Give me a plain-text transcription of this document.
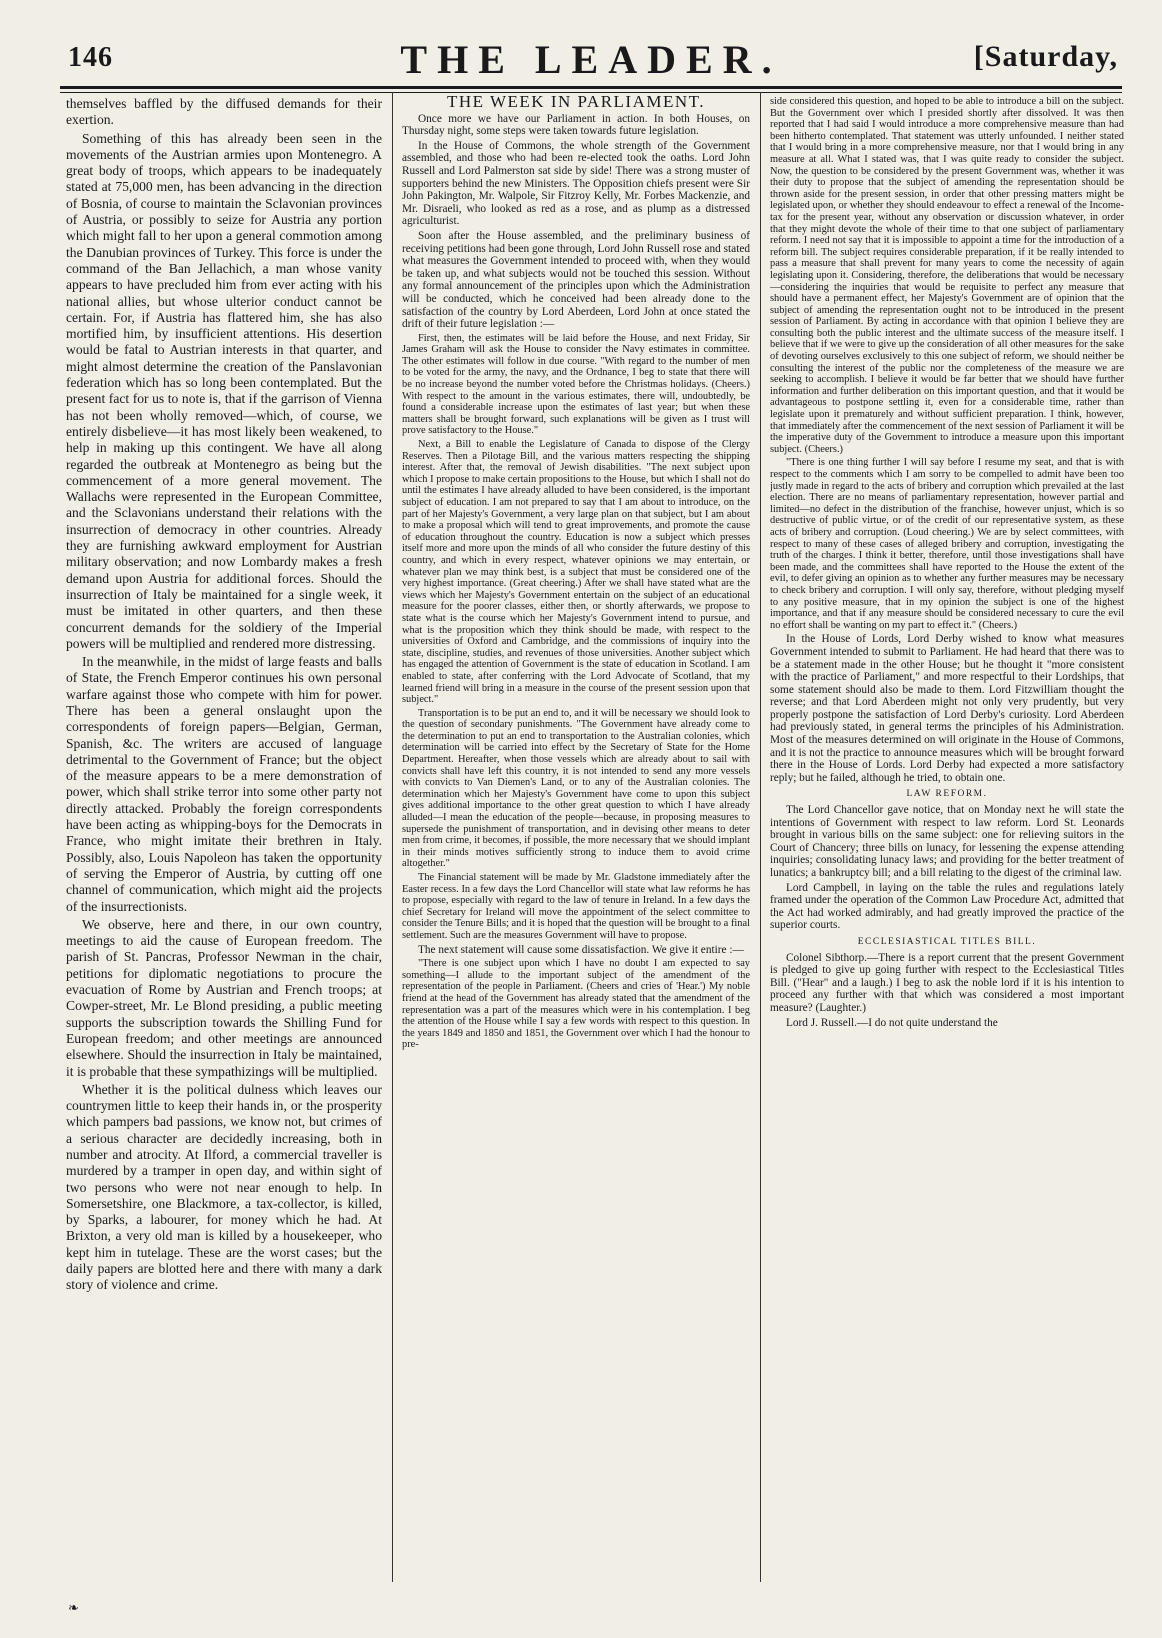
146	THE LEADER.	[Saturday,

themselves baffled by the diffused demands for their exertion.

Something of this has already been seen in the movements of the Austrian armies upon Montenegro. A great body of troops, which appears to be inadequately stated at 75,000 men, has been advancing in the direction of Bosnia, of course to maintain the Sclavonian provinces of Austria, or possibly to seize for Austria any portion which might fall to her upon a general commotion among the Danubian provinces of Turkey. This force is under the command of the Ban Jellachich, a man whose vanity appears to have precluded him from ever acting with his national allies, but whose ulterior conduct cannot be certain. For, if Austria has flattered him, she has also mortified him, by insufficient attentions. His desertion would be fatal to Austrian interests in that quarter, and might almost determine the creation of the Panslavonian federation which has so long been contemplated. But the present fact for us to note is, that if the garrison of Vienna has not been wholly removed—which, of course, we entirely disbelieve—it has most likely been weakened, to help in making up this contingent. We have all along regarded the outbreak at Montenegro as being but the commencement of a more general movement. The Wallachs were represented in the European Committee, and the Sclavonians understand their relations with the insurrection of democracy in other countries. Already they are furnishing awkward employment for Austrian military observation; and now Lombardy makes a fresh demand upon Austria for additional forces. Should the insurrection of Italy be maintained for a single week, it must be imitated in other quarters, and then these concurrent demands for the soldiery of the Imperial powers will be multiplied and rendered more distressing.

In the meanwhile, in the midst of large feasts and balls of State, the French Emperor continues his own personal warfare against those who compete with him for power. There has been a general onslaught upon the correspondents of foreign papers—Belgian, German, Spanish, &c. The writers are accused of language detrimental to the Government of France; but the object of the measure appears to be a mere demonstration of power, which shall strike terror into some other party not directly attacked. Probably the foreign correspondents have been acting as whipping-boys for the Democrats in France, who might imitate their brethren in Italy. Possibly, also, Louis Napoleon has taken the opportunity of serving the Emperor of Austria, by cutting off one channel of communication, which might aid the projects of the insurrectionists.

We observe, here and there, in our own country, meetings to aid the cause of European freedom. The parish of St. Pancras, Professor Newman in the chair, petitions for diplomatic negotiations to procure the evacuation of Rome by Austrian and French troops; at Cowper-street, Mr. Le Blond presiding, a public meeting supports the subscription towards the Shilling Fund for European freedom; and other meetings are announced elsewhere. Should the insurrection in Italy be maintained, it is probable that these sympathizings will be multiplied.

Whether it is the political dulness which leaves our countrymen little to keep their hands in, or the prosperity which pampers bad passions, we know not, but crimes of a serious character are decidedly increasing, both in number and atrocity. At Ilford, a commercial traveller is murdered by a tramper in open day, and within sight of two persons who were not near enough to help. In Somersetshire, one Blackmore, a tax-collector, is killed, by Sparks, a labourer, for money which he had. At Brixton, a very old man is killed by a housekeeper, who kept him in tutelage. These are the worst cases; but the daily papers are blotted here and there with many a dark story of violence and crime.

THE WEEK IN PARLIAMENT.

Once more we have our Parliament in action. In both Houses, on Thursday night, some steps were taken towards future legislation.

In the House of Commons, the whole strength of the Government assembled, and those who had been re-elected took the oaths. Lord John Russell and Lord Palmerston sat side by side! There was a strong muster of supporters behind the new Ministers. The Opposition chiefs present were Sir John Pakington, Mr. Walpole, Sir Fitzroy Kelly, Mr. Forbes Mackenzie, and Mr. Disraeli, who looked as red as a rose, and as plump as a distressed agriculturist.

Soon after the House assembled, and the preliminary business of receiving petitions had been gone through, Lord John Russell rose and stated what measures the Government intended to proceed with, when they would be taken up, and what subjects would not be touched this session. Without any formal announcement of the principles upon which the Administration will be conducted, which he conceived had been already done to the satisfaction of the country by Lord Aberdeen, Lord John at once stated the drift of their future legislation :—

First, then, the estimates will be laid before the House, and next Friday, Sir James Graham will ask the House to consider the Navy estimates in committee. The other estimates will follow in due course. "With regard to the number of men to be voted for the army, the navy, and the Ordnance, I beg to state that there will be no increase beyond the number voted before the Christmas holidays. (Cheers.) With respect to the amount in the various estimates, there will, undoubtedly, be found a considerable increase upon the estimates of last year; but when these matters shall be brought forward, such explanations will be given as I trust will prove satisfactory to the House."

Next, a Bill to enable the Legislature of Canada to dispose of the Clergy Reserves. Then a Pilotage Bill, and the various matters respecting the shipping interest. After that, the removal of Jewish disabilities. "The next subject upon which I propose to make certain propositions to the House, but which I shall not do until the estimates I have already alluded to have been considered, is the important subject of education. I am not prepared to say that I am about to introduce, on the part of her Majesty's Government, a very large plan on that subject, but I am about to make a proposal which will tend to great improvements, and promote the cause of education throughout the country. Education is now a subject which presses itself more and more upon the minds of all who consider the future destiny of this country, and which in every respect, whatever opinions we may entertain, or whatever plan we may think best, is a subject that must be considered one of the very highest importance. (Great cheering.) After we shall have stated what are the views which her Majesty's Government entertain on the subject of an educational measure for the poorer classes, either then, or shortly afterwards, we propose to state what is the course which her Majesty's Government intend to pursue, and what is the proposition which they think should be made, with respect to the universities of Oxford and Cambridge, and the commissions of inquiry into the state, discipline, studies, and revenues of those universities. Another subject which has engaged the attention of Government is the state of education in Scotland. I am enabled to state, after conferring with the Lord Advocate of Scotland, that my learned friend will bring in a measure in the course of the present session upon that subject."

Transportation is to be put an end to, and it will be necessary we should look to the question of secondary punishments. "The Government have already come to the determination to put an end to transportation to the Australian colonies, which determination will be carried into effect by the Secretary of State for the Home Department. Hereafter, when those vessels which are already about to sail with convicts shall have left this country, it is not intended to send any more vessels with convicts to Van Diemen's Land, or to any of the Australian colonies. The determination which her Majesty's Government have come to upon this subject gives additional importance to the other great question to which I have already alluded—I mean the education of the people—because, in proposing measures to supersede the punishment of transportation, and in devising other means to deter men from crime, it becomes, if possible, the more necessary that we should implant in their minds motives sufficiently strong to induce them to avoid crime altogether."

The Financial statement will be made by Mr. Gladstone immediately after the Easter recess. In a few days the Lord Chancellor will state what law reforms he has to propose, especially with regard to the law of tenure in Ireland. In a few days the chief Secretary for Ireland will move the appointment of the select committee to consider the Tenure Bills; and it is hoped that the question will be brought to a final settlement. Such are the measures Government will have to propose.

The next statement will cause some dissatisfaction. We give it entire :—

"There is one subject upon which I have no doubt I am expected to say something—I allude to the important subject of the amendment of the representation of the people in Parliament. (Cheers and cries of 'Hear.') My noble friend at the head of the Government has already stated that the amendment of the representation was a part of the measures which were in his contemplation. I beg the attention of the House while I say a few words with respect to this question. In the years 1849 and 1850 and 1851, the Government over which I had the honour to pre-

side considered this question, and hoped to be able to introduce a bill on the subject. But the Government over which I presided shortly after dissolved. It was then reported that I had said I would introduce a more comprehensive measure than had been hitherto contemplated. That statement was utterly unfounded. I neither stated that I would bring in a more comprehensive measure, nor that I would bring in any measure at all. What I stated was, that I was quite ready to consider the subject. Now, the question to be considered by the present Government was, whether it was their duty to propose that the subject of amending the representation should be thrown aside for the present session, in order that other pressing matters might be legislated upon, or whether they should endeavour to effect a renewal of the Income-tax for the present year, without any observation or discussion whatever, in order that they might devote the whole of their time to that one subject of parliamentary reform. I need not say that it is impossible to appoint a time for the introduction of a reform bill. The subject requires considerable preparation, if it be really intended to pass a measure that shall prevent for many years to come the necessity of again legislating upon it. Considering, therefore, the deliberations that would be necessary—considering the inquiries that would be requisite to perfect any measure that should have a permanent effect, her Majesty's Government are of opinion that the subject of amending the representation ought not to be introduced in the present session of Parliament. By acting in accordance with that opinion I believe they are consulting both the public interest and the ultimate success of the measure itself. I believe that if we were to give up the consideration of all other measures for the sake of devoting ourselves exclusively to this one subject of reform, we should neither be consulting the interest of the public nor the completeness of the measure we are seeking to accomplish. I believe it would be far better that we should have further information and further deliberation on this important question, and that it would be advantageous to postpone settling it, even for a considerable time, rather than legislate upon it prematurely and without sufficient preparation. I think, however, that immediately after the commencement of the next session of Parliament it will be the imperative duty of the Government to introduce a measure upon this important subject. (Cheers.)

"There is one thing further I will say before I resume my seat, and that is with respect to the comments which I am sorry to be compelled to admit have been too justly made in regard to the acts of bribery and corruption which prevailed at the last election. There are no means of parliamentary representation, however partial and limited—no defect in the distribution of the franchise, however unjust, which is so destructive of public virtue, or of the credit of our representative system, as these acts of bribery and corruption. (Loud cheering.) We are by select committees, with respect to many of these cases of alleged bribery and corruption, investigating the truth of the charges. I think it better, therefore, until those investigations shall have been made, and the committees shall have reported to the House the extent of the evil, to defer giving an opinion as to whether any further measures may be necessary to check bribery and corruption. I will only say, therefore, without pledging myself to any positive measure, that in my opinion the subject is one of the highest importance, and that if any measure should be considered necessary to cure the evil no effort shall be wanting on my part to effect it." (Cheers.)

In the House of Lords, Lord Derby wished to know what measures Government intended to submit to Parliament. He had heard that there was to be a statement made in the other House; but he thought it "more consistent with the practice of Parliament," and more respectful to their Lordships, that some statement should also be made to them. Lord Fitzwilliam thought the reverse; and that Lord Aberdeen might not only very prudently, but very properly postpone the satisfaction of Lord Derby's curiosity. Lord Aberdeen had previously stated, in general terms the principles of his Administration. Most of the measures determined on will originate in the House of Commons, and it is not the practice to announce measures which will be brought forward there in the House of Lords. Lord Derby had expected a more satisfactory reply; but he failed, although he tried, to obtain one.

LAW REFORM.

The Lord Chancellor gave notice, that on Monday next he will state the intentions of Government with respect to law reform. Lord St. Leonards brought in various bills on the same subject: one for relieving suitors in the Court of Chancery; three bills on lunacy, for lessening the expense attending inquiries; consolidating lunacy laws; and providing for the better treatment of lunatics; a bankruptcy bill; and a bill relating to the digest of the criminal law.

Lord Campbell, in laying on the table the rules and regulations lately framed under the operation of the Common Law Procedure Act, admitted that the Act had worked admirably, and had greatly improved the practice of the superior courts.

ECCLESIASTICAL TITLES BILL.

Colonel Sibthorp.—There is a report current that the present Government is pledged to give up going further with respect to the Ecclesiastical Titles Bill. ("Hear" and a laugh.) I beg to ask the noble lord if it is his intention to proceed any further with that which was considered a most important measure? (Laughter.)

Lord J. Russell.—I do not quite understand the

❧
